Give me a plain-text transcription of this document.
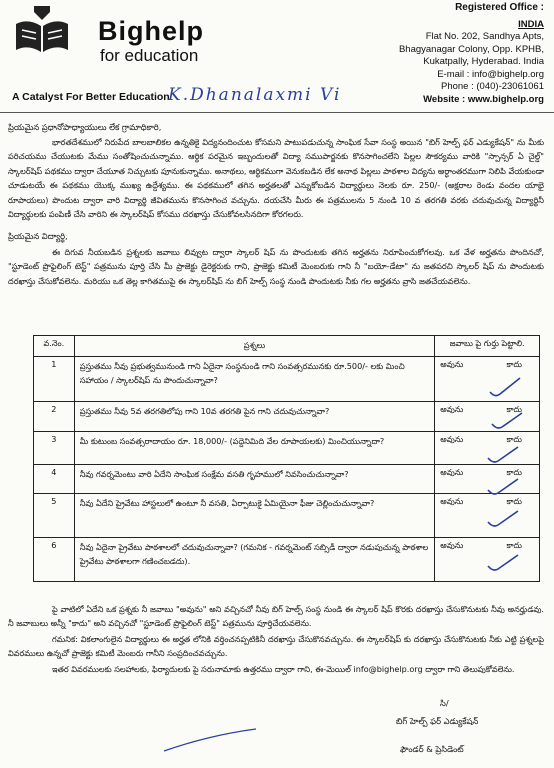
Bighelp
for education
A Catalyst For Better Education
Registered Office :
INDIA
Flat No. 202, Sandhya Apts,
Bhagyanagar Colony, Opp. KPHB,
Kukatpally, Hyderabad. India
E-mail : info@bighelp.org
Phone : (040)-23061061
Website : www.bighelp.org
K.Dhanalaxmi Vi
ప్రియమైన ప్రధానోపాధ్యాయులు లేక గ్రామాధికారి,
భారతదేశములో నిరుపేద బాలబాలికల ఉన్నతికై విద్యనందించుట కోసమని పాటుపడుచున్న సాంఘిక సేవా సంస్థ అయిన "బిగ్ హెల్ప్ ఫర్ ఎడ్యుకేషన్" ను మీకు పరిచయము చేయుటకు మేము సంతోషించుచున్నాము. ఆర్థిక పరమైన ఇబ్బందులతో విద్యా సముపార్జనకు కొనసాగించలేని పిల్లల సౌకర్యము వారికి "స్పాన్సర్ ఏ చైల్డ్" స్కాలర్‌షిప్ పథకము ద్వారా చేయూత నిచ్చుటకు పూనుకున్నాము. అనాథలు, ఆర్థికముగా వెనుకబడిన లేక అనాథ పిల్లలు పాఠశాల విద్యను అర్ధాంతరముగా నిలిపి వేయకుండా చూడుటయే ఈ పథకము యొక్క ముఖ్య ఉద్దేశ్యము. ఈ పథకములో తగిన అర్హతలతో ఎన్నుకోబడిన విద్యార్థులు నెలకు రూ. 250/- (అక్షరాల రెండు వందల యాభై రూపాయలు) పొందుట ద్వారా వారి విద్యార్థి జీవితమును కొనసాగించ వచ్చును. దయచేసి మీరు ఈ పత్రములను 5 నుండి 10 వ తరగతి వరకు చదువుచున్న విద్యార్థినీ విద్యార్థులకు పంపిణీ చేసి వారిని ఈ స్కాలర్‌షిప్ కోసము దరఖాస్తు చేసుకోవలసినదిగా కోరగలరు.
ప్రియమైన విద్యార్థి,
ఈ దిగువ నీయబడిన ప్రశ్నలకు జవాబు లివ్వుట ద్వారా స్కాలర్ షిప్ ను పొందుటకు తగిన అర్హతను నిరూపించుకోగలవు. ఒక వేళ అర్హతను పొందినచో, "స్టూడెంట్ ప్రొఫైలింగ్ టెస్ట్" పత్రమును పూర్తి చేసి మీ ప్రాజెక్టు డైరెక్టరుకు గాని, ప్రాజెక్టు కమిటీ మెంబరుకు గాని నీ "బయో-డేటా" ను జతపరచి స్కాలర్ షిప్ ను పొందుటకు దరఖాస్తు చేసుకోవలెను. మరియు ఒక తెల్ల కాగితముపై ఈ స్కాలర్‌షిప్ ను బిగ్ హెల్ప్ సంస్థ నుండి పొందుటకు నీకు గల అర్హతను వ్రాసి జతచేయవలెను.
వ.నెం.	ప్రశ్నలు	జవాబు పై గుర్తు పెట్టాలి.
1	ప్రస్తుతము నీవు ప్రభుత్వమునుండి గాని ఏదైనా సంస్థనుండి గాని సంవత్సరమునకు రూ.500/- లకు మించి సహాయం / స్కాలర్‌షిప్ ను పొందుచున్నావా?	అవును కాదు

2	ప్రస్తుతము నీవు 5వ తరగతిలోపు గాని 10వ తరగతి పైన గాని చదువుచున్నావా?	అవును కాదు

3	మీ కుటుంబ సంవత్సరాదాయం రూ. 18,000/- (పద్దెనిమిది వేల రూపాయలకు) మించియున్నాదా?	అవును కాదు

4	నీవు గవర్నమెంటు వారి ఏదేని సాంఘిక సంక్షేమ వసతి గృహములో నివసించుచున్నావా?	అవును కాదు

5	నీవు ఏదేని ప్రైవేటు హాస్టలులో ఉంటూ నీ వసతి, ఏర్పాటుకై ఏమియైనా ఫీజు చెల్లించుచున్నావా?	అవును కాదు

6	నీవు ఏదైనా ప్రైవేటు పాఠశాలలో చదువుచున్నావా? (గమనిక - గవర్నమెంట్ సబ్సిడీ ద్వారా నడుపుచున్న పాఠశాల ప్రైవేటు పాఠశాలగా గణించబడదు).	అవును కాదు
పై వాటిలో ఏదేని ఒక ప్రశ్నకు నీ జవాబు "అవును" అని వచ్చినచో నీవు బిగ్ హెల్ప్ సంస్థ నుండి ఈ స్కాలర్ షిప్ కొరకు దరఖాస్తు చేసుకొనుటకు నీవు అనర్హుడవు. నీ జవాబులు అన్నీ "కాదు" అని వచ్చినచో "స్టూడెంట్ ప్రొఫైలింగ్ టెస్ట్" పత్రమును పూర్తిచేయవలెను.
గమనిక: వికలాంగులైన విద్యార్థులు ఈ అర్హత లోనికి వర్తించనప్పటికినీ దరఖాస్తు చేసుకొనవచ్చును. ఈ స్కాలర్‌షిప్ కు దరఖాస్తు చేసుకొనుటకు నీకు ఎట్టి ప్రశ్నలపై వివరములు ఉన్నచో ప్రాజెక్టు కమిటీ మెంబరు గానీని సంప్రదించవచ్చును.
ఇతర వివరములకు సలహాలకు, ఫిర్యాదులకు పై సరునామాకు ఉత్తరము ద్వారా గాని, ఈ-మెయిల్ info@bighelp.org ద్వారా గాని తెలుపుకోవలెను.
సి/
బిగ్ హెల్ప్ ఫర్ ఎడ్యుకేషన్
ఫౌండర్ & ప్రెసిడెంట్
